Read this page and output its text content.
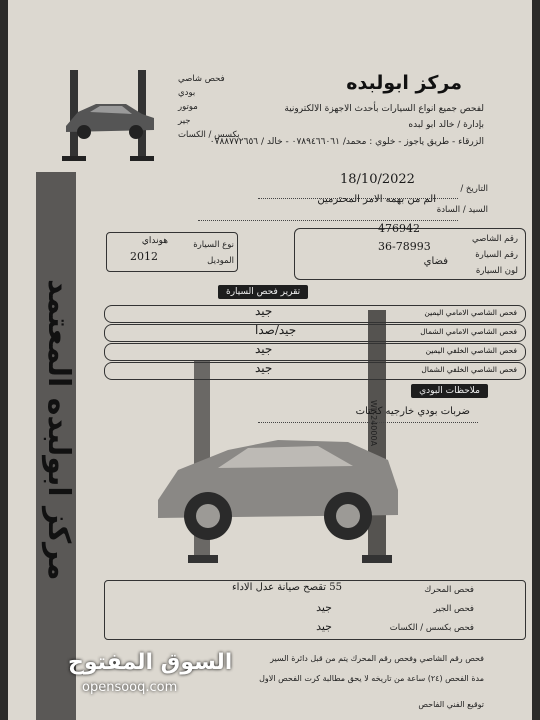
فحص شاصي
بودي
موتور
جير
بكسس / الكسات
مركز ابولبده
لفحص جميع انواع السيارات بأحدث الاجهزة الالكترونية
بإدارة / خالد ابو لبده
الزرقاء - طريق ياجوز - خلوي : محمد/ ٠٧٨٩٤٦٦٠٦١ - خالد / ٠٧٨٨٧٧٢٦٥٦
مركز ابولبده المعتمد
التاريخ /
18/10/2022
السيد / السادة
الم من بهمه الامر المحترمين
رقم الشاصي
476942
رقم السيارة
36-78993
لون السيارة
فضاي
نوع السيارة
هونداي
الموديل
2012
تقرير فحص السيارة
WL-24000A
فحص الشاصي الامامي اليمين
جيد
فحص الشاصي الامامي الشمال
جيد/صدا
فحص الشاصي الخلفي اليمين
جيد
فحص الشاصي الخلفي الشمال
جيد
ملاحظات البودي
ضربات بودي خارجيه كحتات
فحص المحرك
55 تقصح صيانة عدل الاداء
فحص الجير
جيد
فحص بكسس / الكسات
جيد
فحص رقم الشاصي وفحص رقم المحرك يتم من قبل دائرة السير
مدة الفحص (٢٤) ساعة من تاريخه لا يحق مطالبة كرت الفحص الاول
توقيع الفني الفاحص
السوق المفتوح
opensooq.com
